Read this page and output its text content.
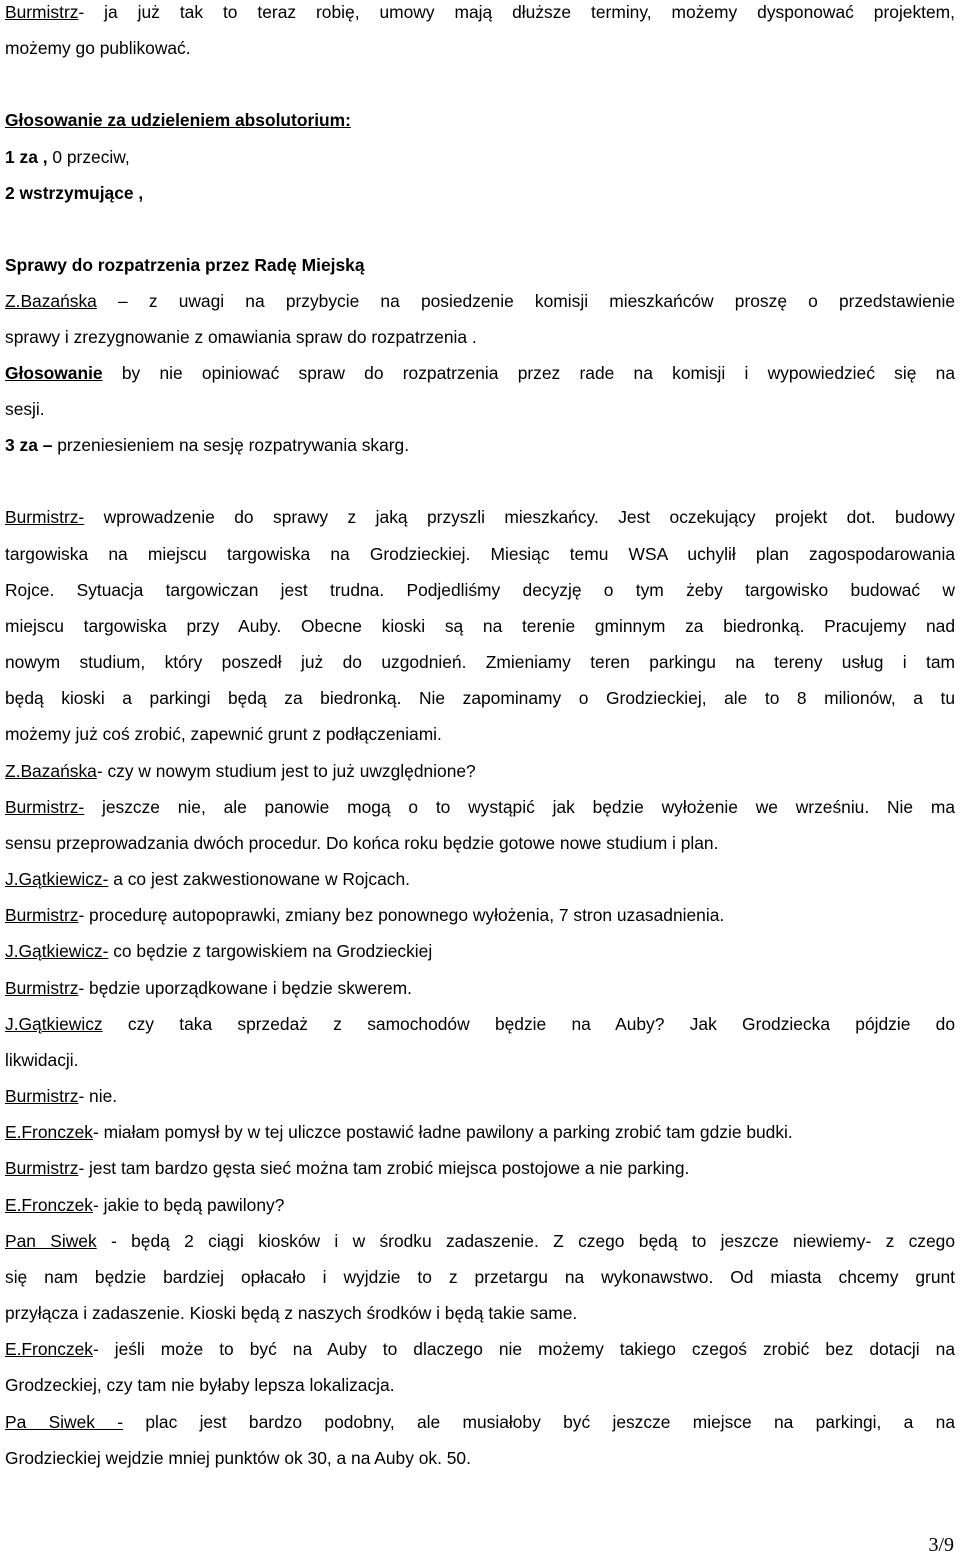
Burmistrz- ja już tak to teraz robię, umowy mają dłuższe terminy, możemy dysponować projektem,
możemy go publikować.
Głosowanie za udzieleniem absolutorium:
1 za , 0 przeciw,
2 wstrzymujące ,
Sprawy do rozpatrzenia przez Radę Miejską
Z.Bazańska – z uwagi na przybycie na posiedzenie komisji mieszkańców proszę o przedstawienie
sprawy i zrezygnowanie z omawiania spraw do rozpatrzenia .
Głosowanie by nie opiniować spraw do rozpatrzenia przez rade na komisji i wypowiedzieć się na
sesji.
3 za – przeniesieniem na sesję rozpatrywania skarg.
Burmistrz- wprowadzenie do sprawy z jaką przyszli mieszkańcy. Jest oczekujący projekt dot. budowy
targowiska na miejscu targowiska na Grodzieckiej. Miesiąc temu WSA uchylił plan zagospodarowania
Rojce. Sytuacja targowiczan jest trudna. Podjedliśmy decyzję o tym żeby targowisko budować w
miejscu targowiska przy Auby. Obecne kioski są na terenie gminnym za biedronką. Pracujemy nad
nowym studium, który poszedł już do uzgodnień. Zmieniamy teren parkingu na tereny usług i tam
będą kioski a parkingi będą za biedronką. Nie zapominamy o Grodzieckiej, ale to 8 milionów, a tu
możemy już coś zrobić, zapewnić grunt z podłączeniami.
Z.Bazańska- czy w nowym studium jest to już uwzględnione?
Burmistrz- jeszcze nie, ale panowie mogą o to wystąpić jak będzie wyłożenie we wrześniu. Nie ma
sensu przeprowadzania dwóch procedur. Do końca roku będzie gotowe nowe studium i plan.
J.Gątkiewicz- a co jest zakwestionowane w Rojcach.
Burmistrz- procedurę autopoprawki, zmiany bez ponownego wyłożenia, 7 stron uzasadnienia.
J.Gątkiewicz- co będzie z targowiskiem na Grodzieckiej
Burmistrz- będzie uporządkowane i będzie skwerem.
J.Gątkiewicz czy taka sprzedaż z samochodów będzie na Auby? Jak Grodziecka pójdzie do
likwidacji.
Burmistrz- nie.
E.Fronczek- miałam pomysł by w tej uliczce postawić ładne pawilony a parking zrobić tam gdzie budki.
Burmistrz- jest tam bardzo gęsta sieć można tam zrobić miejsca postojowe a nie parking.
E.Fronczek- jakie to będą pawilony?
Pan Siwek - będą 2 ciągi kiosków i w środku zadaszenie. Z czego będą to jeszcze niewiemy- z czego
się nam będzie bardziej opłacało i wyjdzie to z przetargu na wykonawstwo. Od miasta chcemy grunt
przyłącza i zadaszenie. Kioski będą z naszych środków i będą takie same.
E.Fronczek- jeśli może to być na Auby to dlaczego nie możemy takiego czegoś zrobić bez dotacji na
Grodzeckiej, czy tam nie byłaby lepsza lokalizacja.
Pa Siwek - plac jest bardzo podobny, ale musiałoby być jeszcze miejsce na parkingi, a na
Grodzieckiej wejdzie mniej punktów ok 30, a na Auby ok. 50.
3/9
